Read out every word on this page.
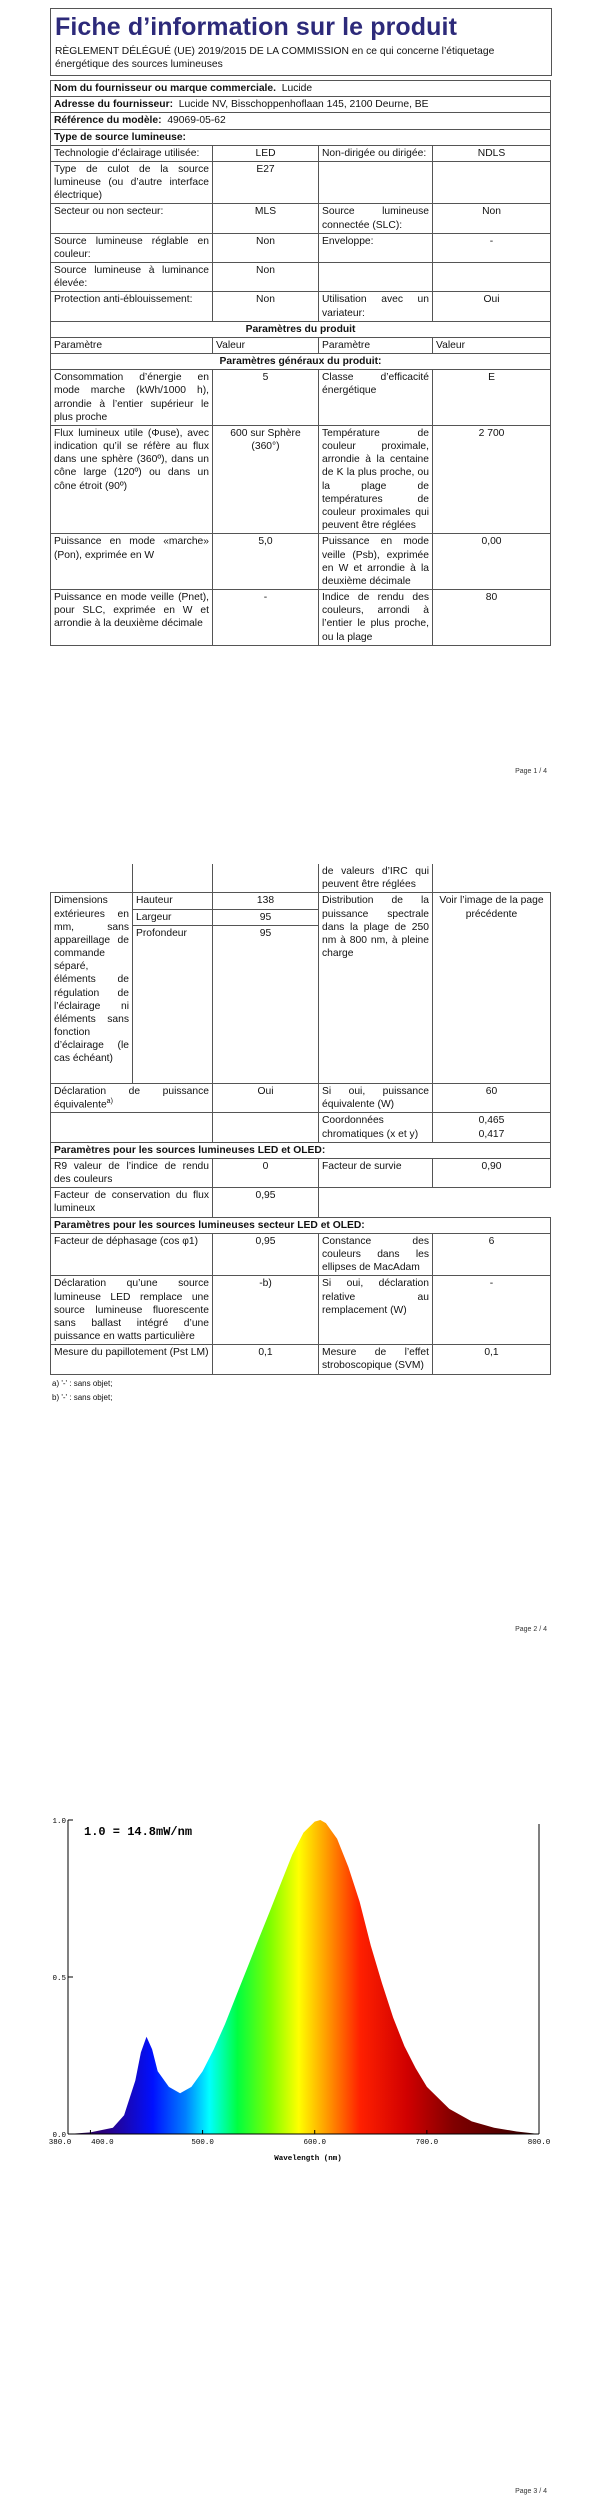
Fiche d’information sur le produit
RÈGLEMENT DÉLÉGUÉ (UE) 2019/2015 DE LA COMMISSION en ce qui concerne l’étiquetage énergétique des sources lumineuses
Nom du fournisseur ou marque commerciale. Lucide			
Adresse du fournisseur: Lucide NV, Bisschoppenhoflaan 145, 2100 Deurne, BE			
Référence du modèle: 49069-05-62			
Type de source lumineuse:			
Technologie d’éclairage utilisée:	LED	Non-dirigée ou dirigée:	NDLS
Type de culot de la source lumineuse (ou d’autre interface électrique)	E27		
Secteur ou non secteur:	MLS	Source lumineuse connectée (SLC):	Non
Source lumineuse réglable en couleur:	Non	Enveloppe:	-
Source lumineuse à luminance élevée:	Non		
Protection anti-éblouissement:	Non	Utilisation avec un variateur:	Oui
Paramètres du produit			
Paramètre	Valeur	Paramètre	Valeur
Paramètres généraux du produit:			
Consommation d’énergie en mode marche (kWh/1000 h), arrondie à l’entier supérieur le plus proche	5	Classe d’efficacité énergétique	E
Flux lumineux utile (Φuse), avec indication qu’il se réfère au flux dans une sphère (360º), dans un cône large (120º) ou dans un cône étroit (90º)	600 sur Sphère (360°)	Température de couleur proximale, arrondie à la centaine de K la plus proche, ou la plage de températures de couleur proximales qui peuvent être réglées	2 700
Puissance en mode «marche» (Pon), exprimée en W	5,0	Puissance en mode veille (Psb), exprimée en W et arrondie à la deuxième décimale	0,00
Puissance en mode veille (Pnet), pour SLC, exprimée en W et arrondie à la deuxième décimale	-	Indice de rendu des couleurs, arrondi à l’entier le plus proche, ou la plage	80
Page 1 / 4
			de valeurs d’IRC qui peuvent être réglées	
Dimensions extérieures en mm, sans appareillage de commande séparé, éléments de régulation de l’éclairage ni éléments sans fonction d’éclairage (le cas échéant)	Hauteur	138	Distribution de la puissance spectrale dans la plage de 250 nm à 800 nm, à pleine charge	Voir l’image de la page précédente
	Largeur	95		
	Profondeur	95		
Déclaration de puissance équivalente$^{a)}$		Oui	Si oui, puissance équivalente (W)	60
			Coordonnées chromatiques (x et y)	0,465
0,417

Paramètres pour les sources lumineuses LED et OLED:				
R9 valeur de l’indice de rendu des couleurs		0	Facteur de survie	0,90
Facteur de conservation du flux lumineux		0,95		
Paramètres pour les sources lumineuses secteur LED et OLED:				
Facteur de déphasage (cos φ1)		0,95	Constance des couleurs dans les ellipses de MacAdam	6
Déclaration qu’une source lumineuse LED remplace une source lumineuse fluorescente sans ballast intégré d’une puissance en watts particulière		-b)	Si oui, déclaration relative au remplacement (W)	-
Mesure du papillotement (Pst LM)		0,1	Mesure de l’effet stroboscopique (SVM)	0,1
a) '-' : sans objet;
b) '-' : sans objet;
Page 2 / 4
0.0
0.5
1.0
380.0	400.0	500.0	600.0	700.0	800.0
1.0 = 14.8mW/nm
Wavelength (nm)
Page 3 / 4
